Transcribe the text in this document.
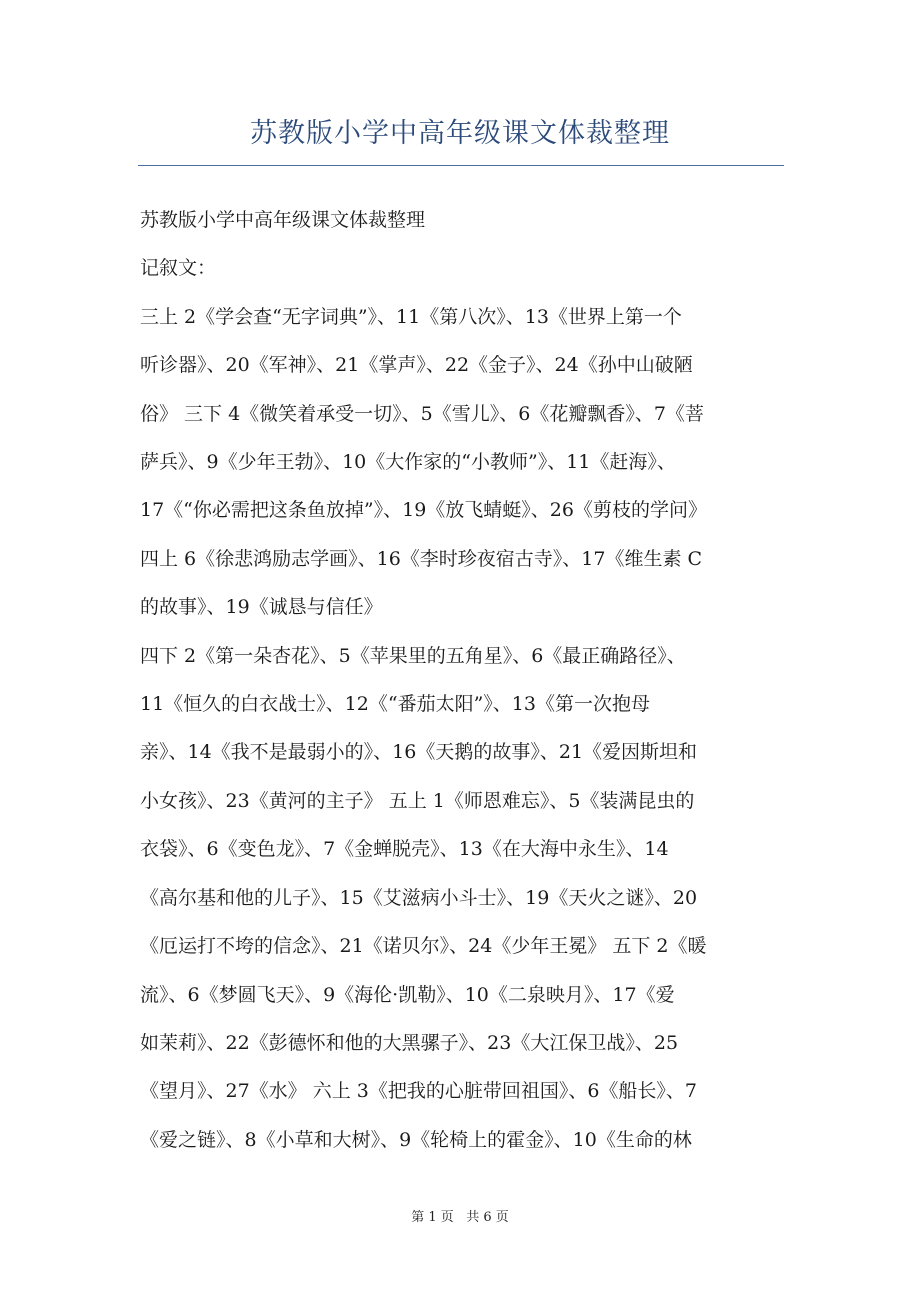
苏教版小学中高年级课文体裁整理

苏教版小学中高年级课文体裁整理

记叙文：

三上 2《学会查“无字词典”》、11《第八次》、13《世界上第一个

听诊器》、20《军神》、21《掌声》、22《金子》、24《孙中山破陋

俗》 三下 4《微笑着承受一切》、5《雪儿》、6《花瓣飘香》、7《菩

萨兵》、9《少年王勃》、10《大作家的“小教师”》、11《赶海》、

17《“你必需把这条鱼放掉”》、19《放飞蜻蜓》、26《剪枝的学问》

四上 6《徐悲鸿励志学画》、16《李时珍夜宿古寺》、17《维生素 C

的故事》、19《诚恳与信任》

四下 2《第一朵杏花》、5《苹果里的五角星》、6《最正确路径》、

11《恒久的白衣战士》、12《“番茄太阳”》、13《第一次抱母

亲》、14《我不是最弱小的》、16《天鹅的故事》、21《爱因斯坦和

小女孩》、23《黄河的主子》 五上 1《师恩难忘》、5《装满昆虫的

衣袋》、6《变色龙》、7《金蝉脱壳》、13《在大海中永生》、14

《高尔基和他的儿子》、15《艾滋病小斗士》、19《天火之谜》、20

《厄运打不垮的信念》、21《诺贝尔》、24《少年王冕》 五下 2《暖

流》、6《梦圆飞天》、9《海伦·凯勒》、10《二泉映月》、17《爱

如茉莉》、22《彭德怀和他的大黑骡子》、23《大江保卫战》、25

《望月》、27《水》 六上 3《把我的心脏带回祖国》、6《船长》、7

《爱之链》、8《小草和大树》、9《轮椅上的霍金》、10《生命的林

第 1 页   共 6 页
